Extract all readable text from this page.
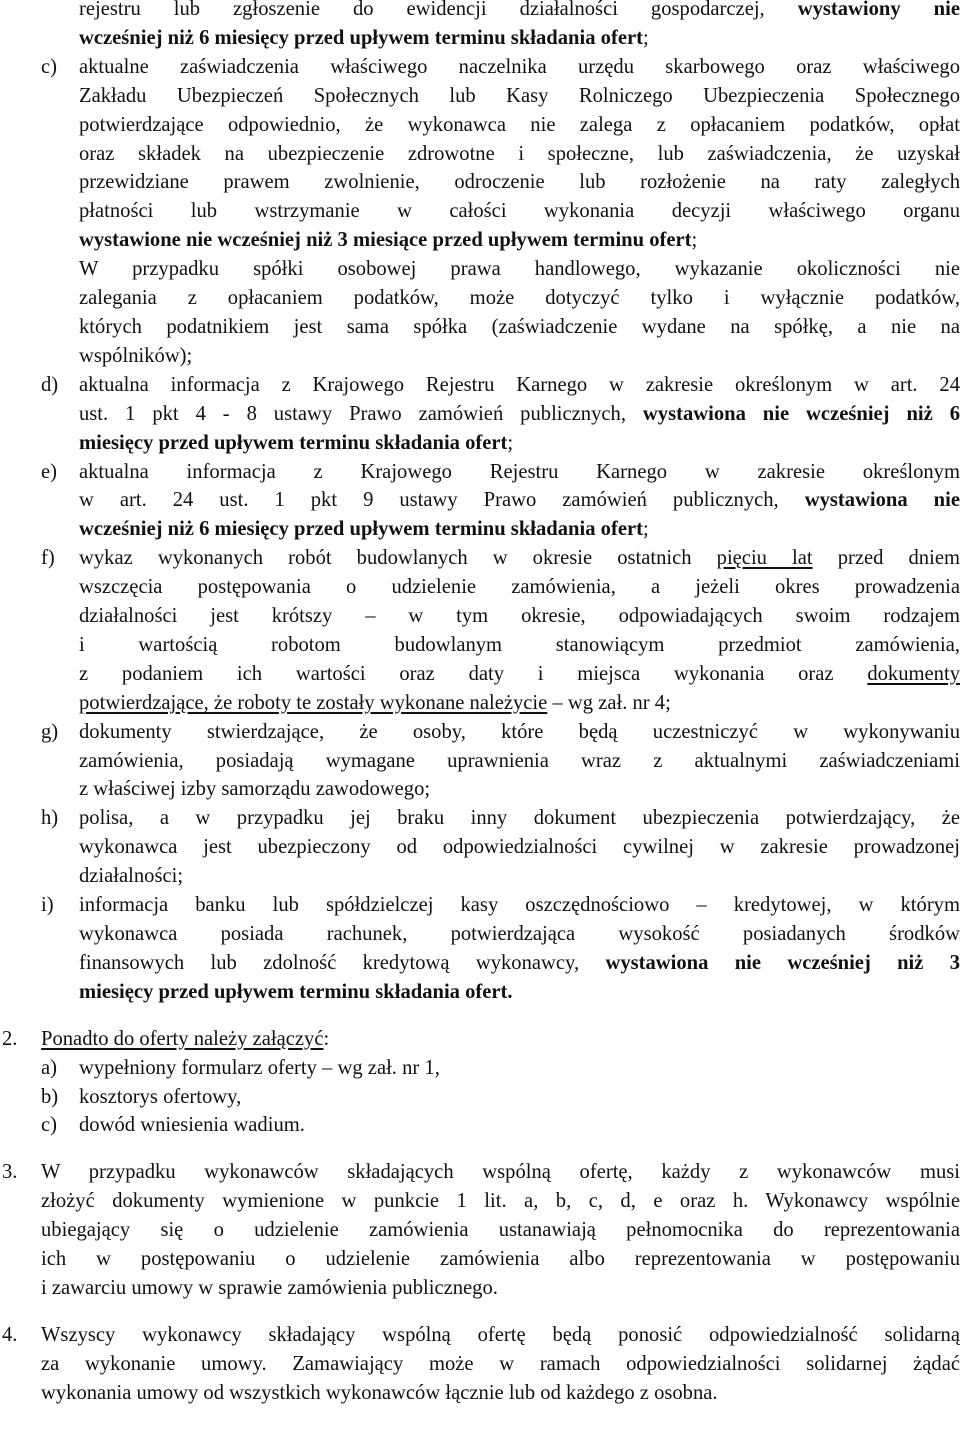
rejestru lub zgłoszenie do ewidencji działalności gospodarczej, wystawiony nie
wcześniej niż 6 miesięcy przed upływem terminu składania ofert;
c) aktualne zaświadczenia właściwego naczelnika urzędu skarbowego oraz właściwego
Zakładu Ubezpieczeń Społecznych lub Kasy Rolniczego Ubezpieczenia Społecznego
potwierdzające odpowiednio, że wykonawca nie zalega z opłacaniem podatków, opłat
oraz składek na ubezpieczenie zdrowotne i społeczne, lub zaświadczenia, że uzyskał
przewidziane prawem zwolnienie, odroczenie lub rozłożenie na raty zaległych
płatności lub wstrzymanie w całości wykonania decyzji właściwego organu
wystawione nie wcześniej niż 3 miesiące przed upływem terminu ofert;
W przypadku spółki osobowej prawa handlowego, wykazanie okoliczności nie
zalegania z opłacaniem podatków, może dotyczyć tylko i wyłącznie podatków,
których podatnikiem jest sama spółka (zaświadczenie wydane na spółkę, a nie na
wspólników);
d) aktualna informacja z Krajowego Rejestru Karnego w zakresie określonym w art. 24
ust. 1 pkt 4 - 8 ustawy Prawo zamówień publicznych, wystawiona nie wcześniej niż 6
miesięcy przed upływem terminu składania ofert;
e) aktualna informacja z Krajowego Rejestru Karnego w zakresie określonym
w art. 24 ust. 1 pkt 9 ustawy Prawo zamówień publicznych, wystawiona nie
wcześniej niż 6 miesięcy przed upływem terminu składania ofert;
f) wykaz wykonanych robót budowlanych w okresie ostatnich pięciu lat przed dniem
wszczęcia postępowania o udzielenie zamówienia, a jeżeli okres prowadzenia
działalności jest krótszy – w tym okresie, odpowiadających swoim rodzajem
i wartością robotom budowlanym stanowiącym przedmiot zamówienia,
z podaniem ich wartości oraz daty i miejsca wykonania oraz dokumenty
potwierdzające, że roboty te zostały wykonane należycie – wg zał. nr 4;
g) dokumenty stwierdzające, że osoby, które będą uczestniczyć w wykonywaniu
zamówienia, posiadają wymagane uprawnienia wraz z aktualnymi zaświadczeniami
z właściwej izby samorządu zawodowego;
h) polisa, a w przypadku jej braku inny dokument ubezpieczenia potwierdzający, że
wykonawca jest ubezpieczony od odpowiedzialności cywilnej w zakresie prowadzonej
działalności;
i) informacja banku lub spółdzielczej kasy oszczędnościowo – kredytowej, w którym
wykonawca posiada rachunek, potwierdzająca wysokość posiadanych środków
finansowych lub zdolność kredytową wykonawcy, wystawiona nie wcześniej niż 3
miesięcy przed upływem terminu składania ofert.
2. Ponadto do oferty należy załączyć:
a) wypełniony formularz oferty – wg zał. nr 1,
b) kosztorys ofertowy,
c) dowód wniesienia wadium.
3. W przypadku wykonawców składających wspólną ofertę, każdy z wykonawców musi
złożyć dokumenty wymienione w punkcie 1 lit. a, b, c, d, e oraz h. Wykonawcy wspólnie
ubiegający się o udzielenie zamówienia ustanawiają pełnomocnika do reprezentowania
ich w postępowaniu o udzielenie zamówienia albo reprezentowania w postępowaniu
i zawarciu umowy w sprawie zamówienia publicznego.
4. Wszyscy wykonawcy składający wspólną ofertę będą ponosić odpowiedzialność solidarną
za wykonanie umowy. Zamawiający może w ramach odpowiedzialności solidarnej żądać
wykonania umowy od wszystkich wykonawców łącznie lub od każdego z osobna.
